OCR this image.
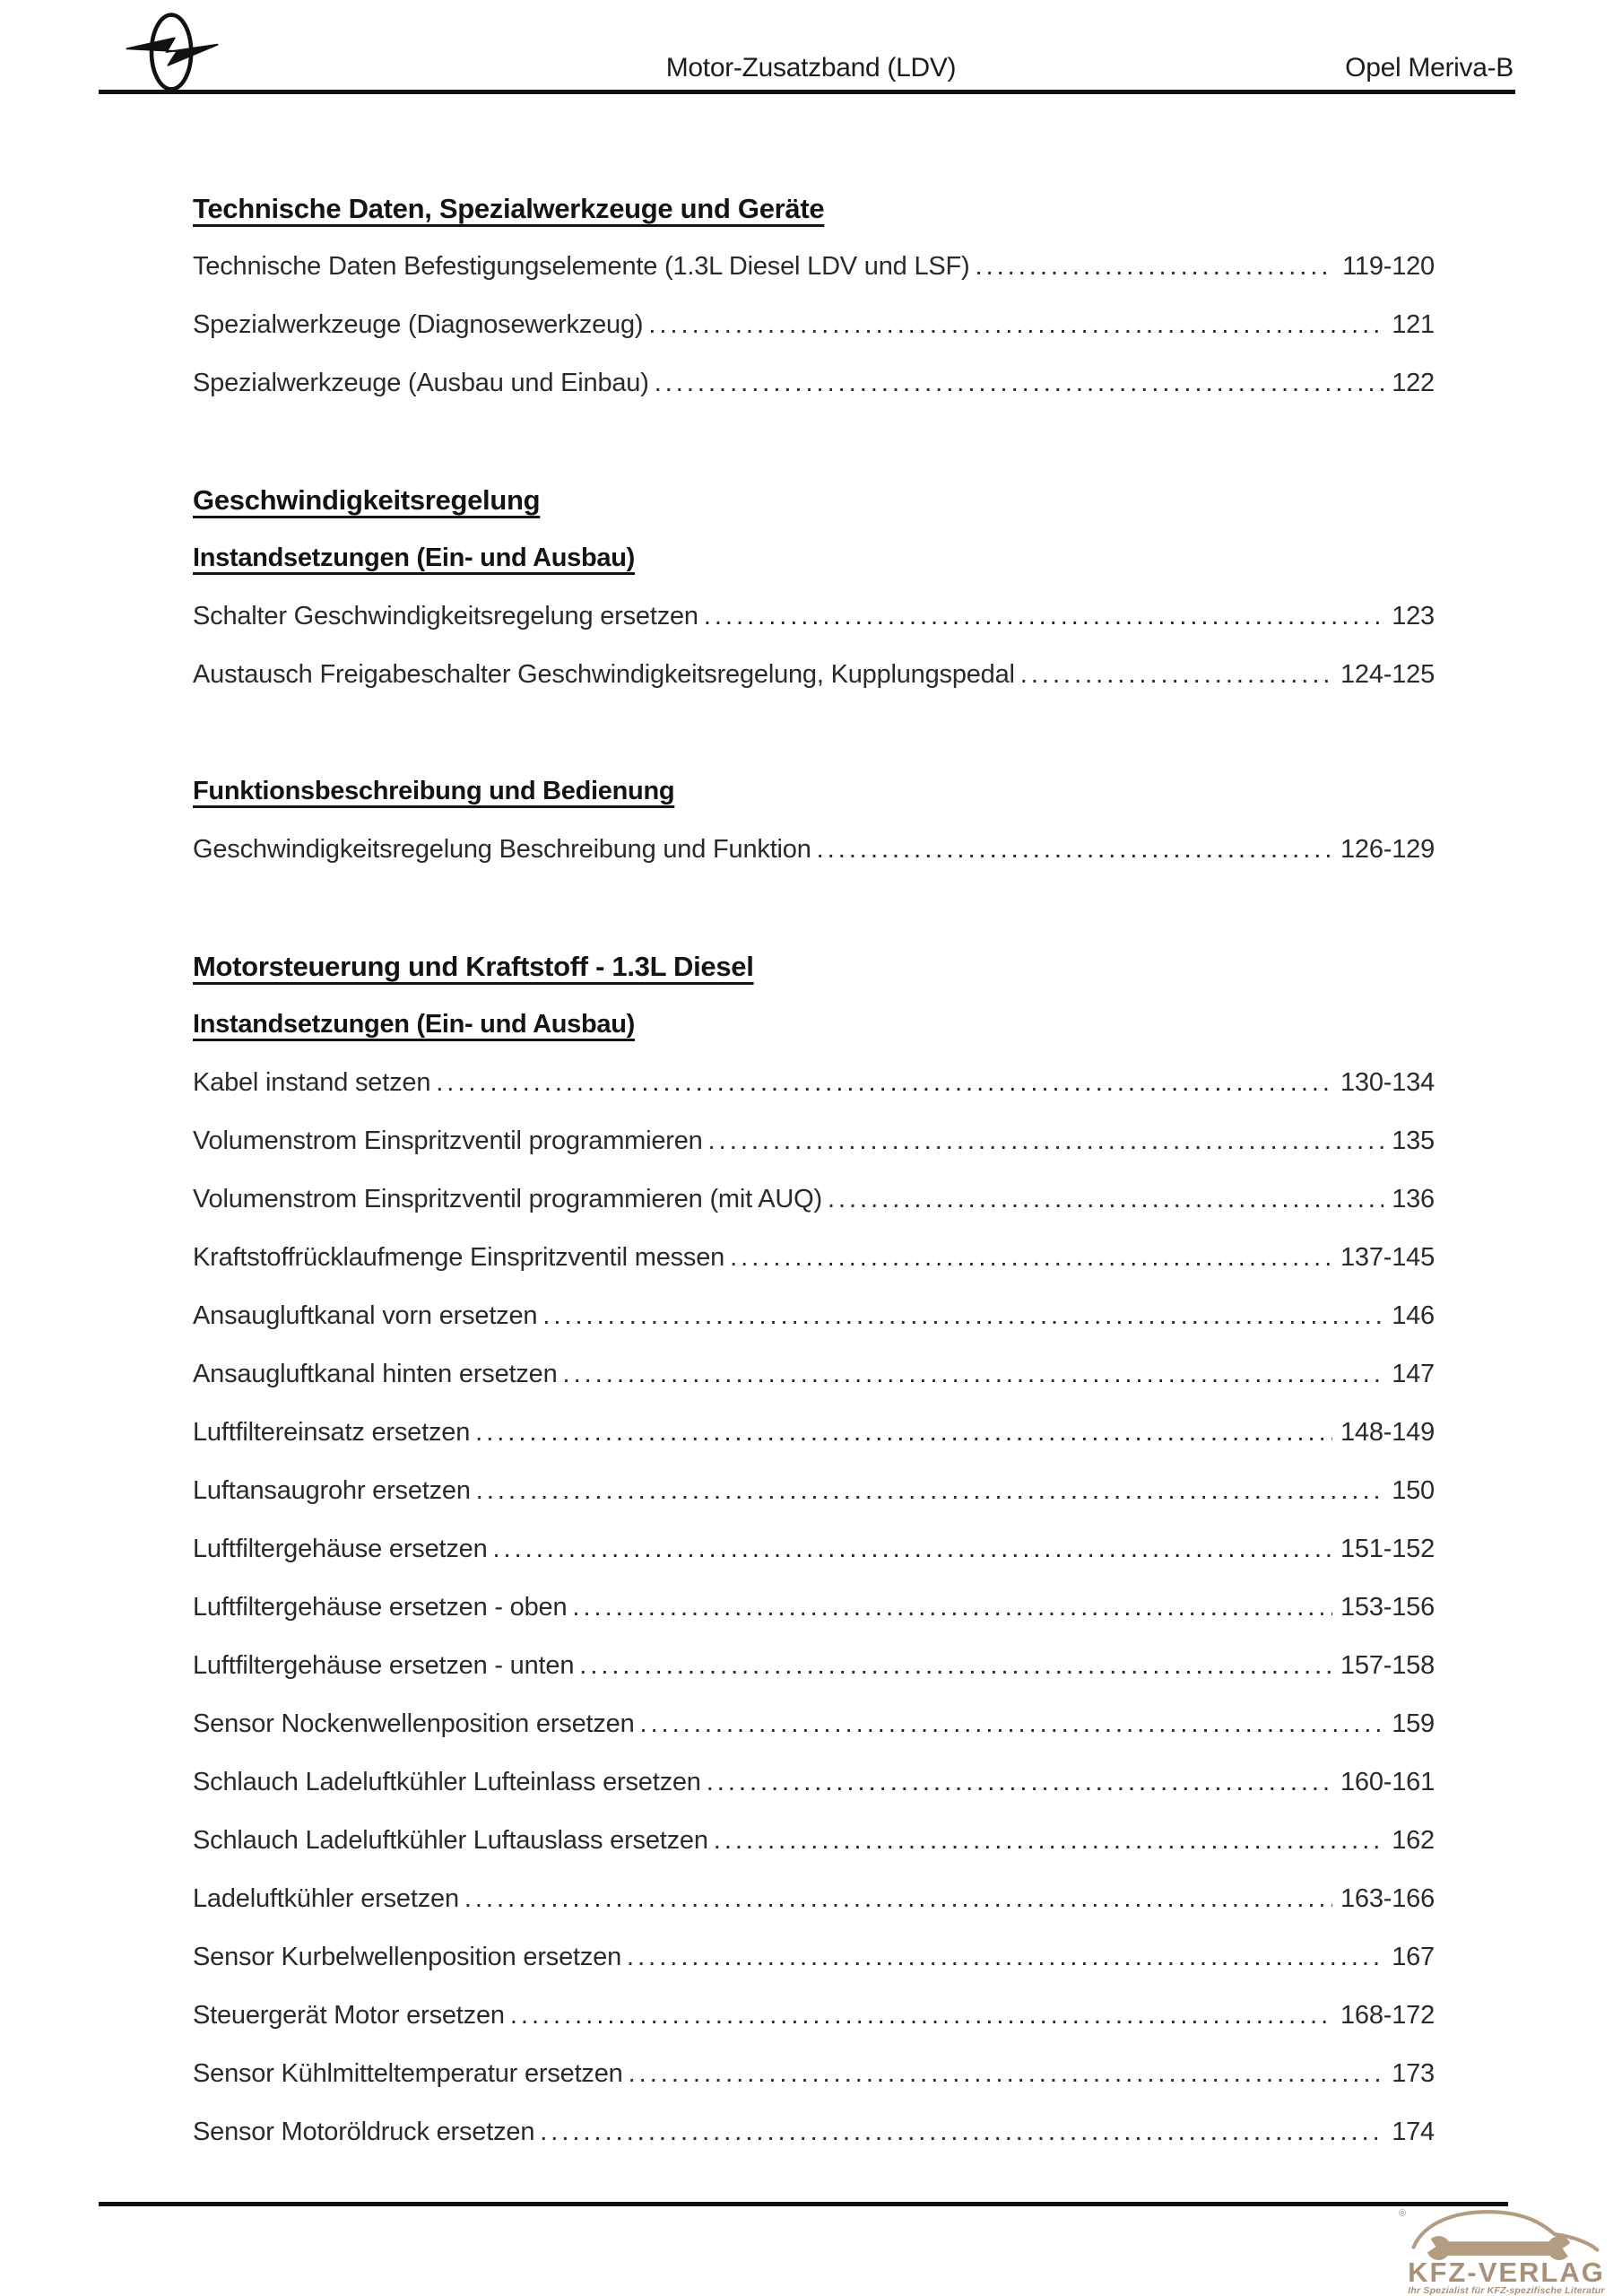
Motor-Zusatzband (LDV)	Opel Meriva-B
Technische Daten, Spezialwerkzeuge und Geräte
Technische Daten Befestigungselemente (1.3L Diesel LDV und LSF) .....	119-120
Spezialwerkzeuge (Diagnosewerkzeug) .....	121
Spezialwerkzeuge (Ausbau und Einbau) .....	122
Geschwindigkeitsregelung
Instandsetzungen (Ein- und Ausbau)
Schalter Geschwindigkeitsregelung ersetzen .....	123
Austausch Freigabeschalter Geschwindigkeitsregelung, Kupplungspedal .....	124-125
Funktionsbeschreibung und Bedienung
Geschwindigkeitsregelung Beschreibung und Funktion .....	126-129
Motorsteuerung und Kraftstoff - 1.3L Diesel
Instandsetzungen (Ein- und Ausbau)
Kabel instand setzen .....	130-134
Volumenstrom Einspritzventil programmieren .....	135
Volumenstrom Einspritzventil programmieren (mit AUQ) .....	136
Kraftstoffrücklaufmenge Einspritzventil messen .....	137-145
Ansaugluftkanal vorn ersetzen .....	146
Ansaugluftkanal hinten ersetzen .....	147
Luftfiltereinsatz ersetzen .....	148-149
Luftansaugrohr ersetzen .....	150
Luftfiltergehäuse ersetzen .....	151-152
Luftfiltergehäuse ersetzen - oben .....	153-156
Luftfiltergehäuse ersetzen - unten .....	157-158
Sensor Nockenwellenposition ersetzen .....	159
Schlauch Ladeluftkühler Lufteinlass ersetzen .....	160-161
Schlauch Ladeluftkühler Luftauslass ersetzen .....	162
Ladeluftkühler ersetzen .....	163-166
Sensor Kurbelwellenposition ersetzen .....	167
Steuergerät Motor ersetzen .....	168-172
Sensor Kühlmitteltemperatur ersetzen .....	173
Sensor Motoröldruck ersetzen .....	174
®
KFZ-VERLAG
Ihr Spezialist für KFZ-spezifische Literatur
